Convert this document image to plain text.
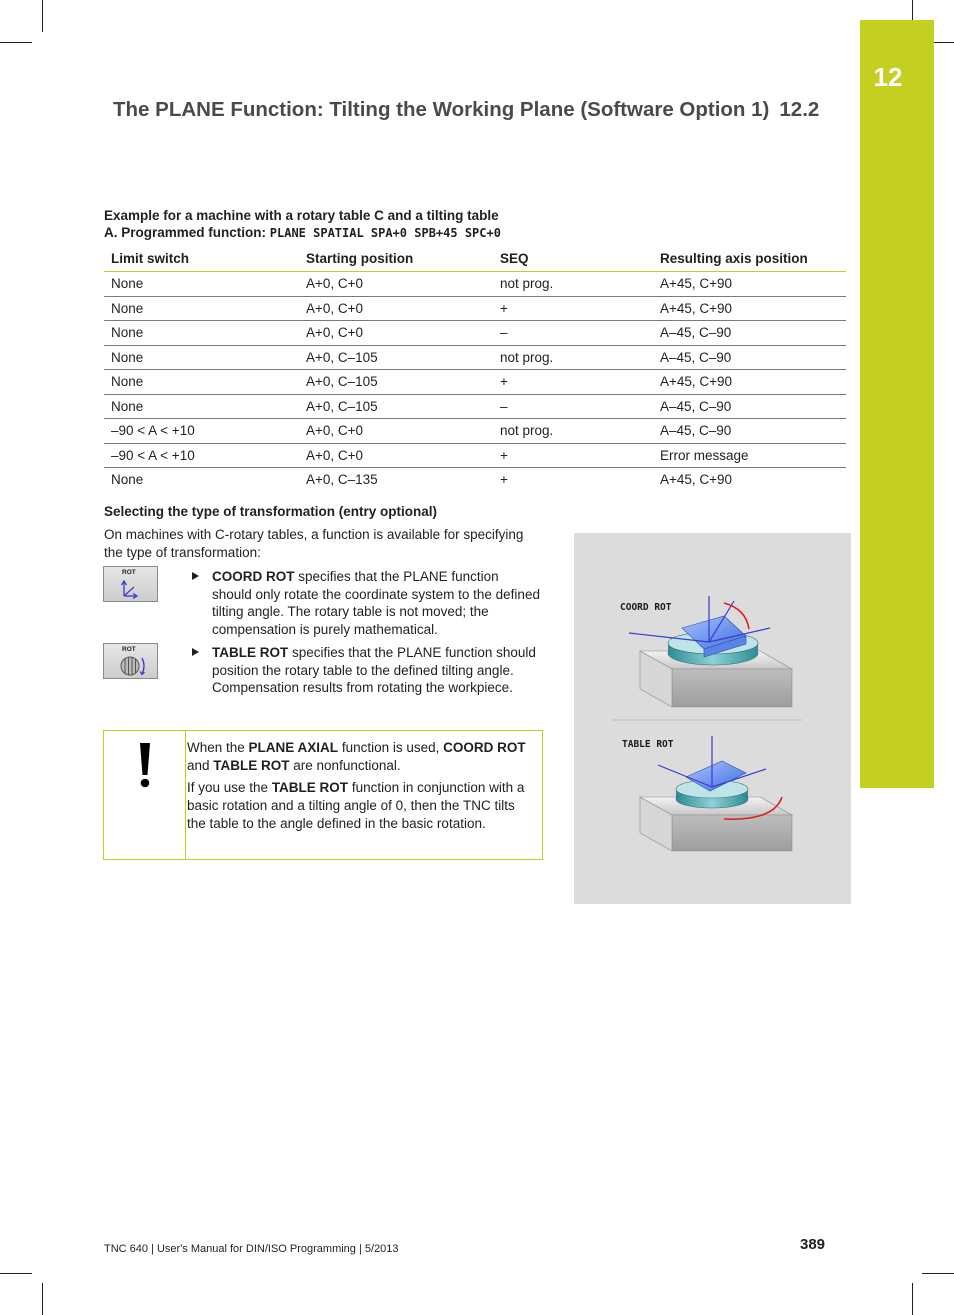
12
The PLANE Function: Tilting the Working Plane (Software Option 1) 12.2
Example for a machine with a rotary table C and a tilting table
A. Programmed function: PLANE SPATIAL SPA+0 SPB+45 SPC+0
Limit switch	Starting position	SEQ	Resulting axis position
None	A+0, C+0	not prog.	A+45, C+90
None	A+0, C+0	+	A+45, C+90
None	A+0, C+0	–	A–45, C–90
None	A+0, C–105	not prog.	A–45, C–90
None	A+0, C–105	+	A+45, C+90
None	A+0, C–105	–	A–45, C–90
–90 < A < +10	A+0, C+0	not prog.	A–45, C–90
–90 < A < +10	A+0, C+0	+	Error message
None	A+0, C–135	+	A+45, C+90
Selecting the type of transformation (entry optional)
On machines with C-rotary tables, a function is available for specifying the type of transformation:
ROT
ROT
COORD ROT specifies that the PLANE function should only rotate the coordinate system to the defined tilting angle. The rotary table is not moved; the compensation is purely mathematical.
TABLE ROT specifies that the PLANE function should position the rotary table to the defined tilting angle. Compensation results from rotating the workpiece.

When the PLANE AXIAL function is used, COORD ROT and TABLE ROT are nonfunctional.

If you use the TABLE ROT function in conjunction with a basic rotation and a tilting angle of 0, then the TNC tilts the table to the angle defined in the basic rotation.

COORD ROT
TABLE ROT
TNC 640 | User's Manual for DIN/ISO Programming | 5/2013	389
